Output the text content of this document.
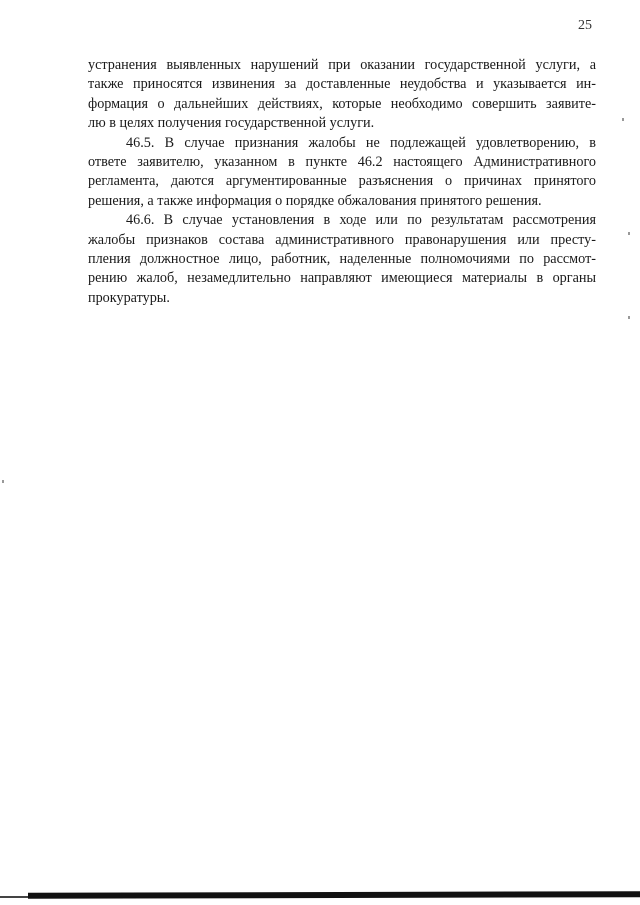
25
устранения выявленных нарушений при оказании государственной услуги, а
также приносятся извинения за доставленные неудобства и указывается ин-
формация о дальнейших действиях, которые необходимо совершить заявите-
лю в целях получения государственной услуги.
46.5. В случае признания жалобы не подлежащей удовлетворению, в
ответе заявителю, указанном в пункте 46.2 настоящего Административного
регламента, даются аргументированные разъяснения о причинах принятого
решения, а также информация о порядке обжалования принятого решения.
46.6. В случае установления в ходе или по результатам рассмотрения
жалобы признаков состава административного правонарушения или престу-
пления должностное лицо, работник, наделенные полномочиями по рассмот-
рению жалоб, незамедлительно направляют имеющиеся материалы в органы
прокуратуры.
